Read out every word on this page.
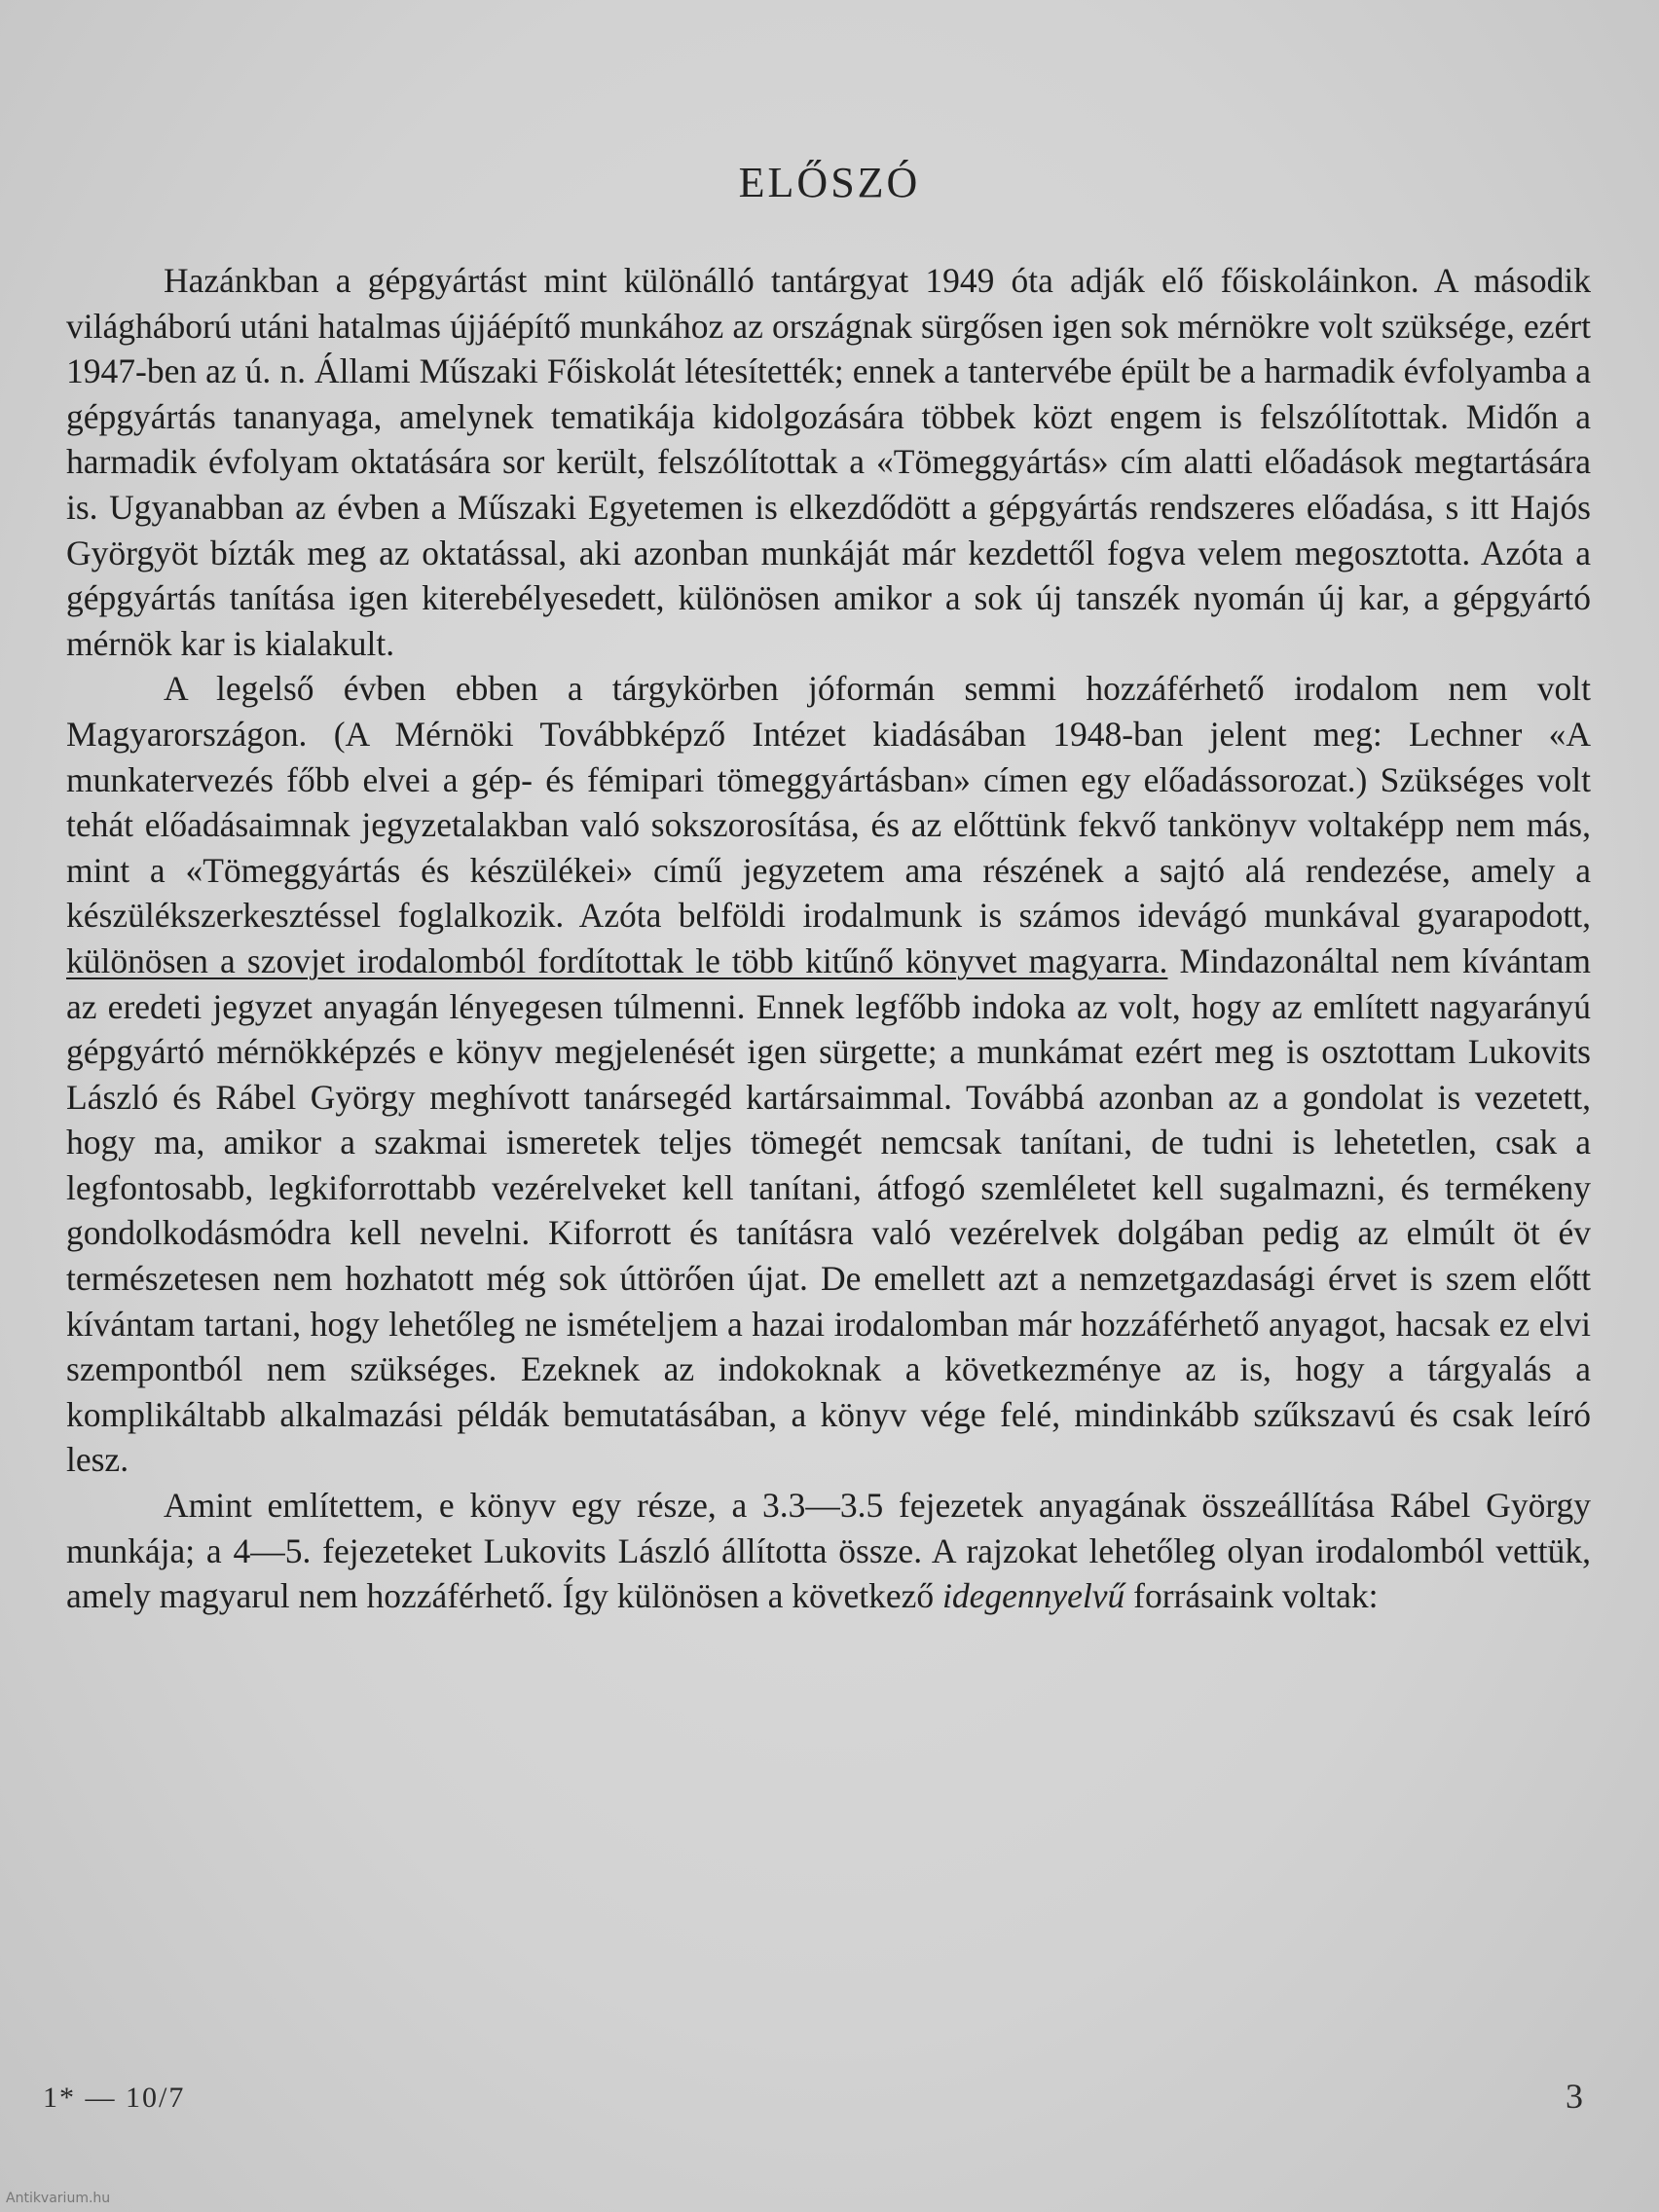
ELŐSZÓ

Hazánkban a gépgyártást mint különálló tantárgyat 1949 óta adják elő főiskoláinkon. A második világháború utáni hatalmas újjáépítő munkához az országnak sürgősen igen sok mérnökre volt szüksége, ezért 1947-ben az ú. n. Állami Műszaki Főiskolát létesítették; ennek a tantervébe épült be a harmadik évfolyamba a gépgyártás tananyaga, amelynek tematikája kidolgozására többek közt engem is felszólítottak. Midőn a harmadik évfolyam oktatására sor került, felszólítottak a «Tömeggyártás» cím alatti előadások megtartására is. Ugyanabban az évben a Műszaki Egyetemen is elkezdődött a gépgyártás rendszeres előadása, s itt Hajós Györgyöt bízták meg az oktatással, aki azonban munkáját már kezdettől fogva velem megosztotta. Azóta a gépgyártás tanítása igen kiterebélyesedett, különösen amikor a sok új tanszék nyomán új kar, a gépgyártó mérnök kar is kialakult.

A legelső évben ebben a tárgykörben jóformán semmi hozzáférhető irodalom nem volt Magyarországon. (A Mérnöki Továbbképző Intézet kiadásában 1948-ban jelent meg: Lechner «A munkatervezés főbb elvei a gép- és fémipari tömeggyártásban» címen egy előadássorozat.) Szükséges volt tehát előadásaimnak jegyzetalakban való sokszorosítása, és az előttünk fekvő tankönyv voltaképp nem más, mint a «Tömeggyártás és készülékei» című jegyzetem ama részének a sajtó alá rendezése, amely a készülékszerkesztéssel foglalkozik. Azóta belföldi irodalmunk is számos idevágó munkával gyarapodott, különösen a szovjet irodalomból fordítottak le több kitűnő könyvet magyarra. Mindazonáltal nem kívántam az eredeti jegyzet anyagán lényegesen túlmenni. Ennek legfőbb indoka az volt, hogy az említett nagyarányú gépgyártó mérnökképzés e könyv megjelenését igen sürgette; a munkámat ezért meg is osztottam Lukovits László és Rábel György meghívott tanársegéd kartársaimmal. Továbbá azonban az a gondolat is vezetett, hogy ma, amikor a szakmai ismeretek teljes tömegét nemcsak tanítani, de tudni is lehetetlen, csak a legfontosabb, legkiforrottabb vezérelveket kell tanítani, átfogó szemléletet kell sugalmazni, és termékeny gondolkodásmódra kell nevelni. Kiforrott és tanításra való vezérelvek dolgában pedig az elmúlt öt év természetesen nem hozhatott még sok úttörően újat. De emellett azt a nemzetgazdasági érvet is szem előtt kívántam tartani, hogy lehetőleg ne ismételjem a hazai irodalomban már hozzáférhető anyagot, hacsak ez elvi szempontból nem szükséges. Ezeknek az indokoknak a következménye az is, hogy a tárgyalás a komplikáltabb alkalmazási példák bemutatásában, a könyv vége felé, mindinkább szűkszavú és csak leíró lesz.

Amint említettem, e könyv egy része, a 3.3—3.5 fejezetek anyagának összeállítása Rábel György munkája; a 4—5. fejezeteket Lukovits László állította össze. A rajzokat lehetőleg olyan irodalomból vettük, amely magyarul nem hozzáférhető. Így különösen a következő idegennyelvű forrásaink voltak:

1* — 10/7	3
Antikvarium.hu
